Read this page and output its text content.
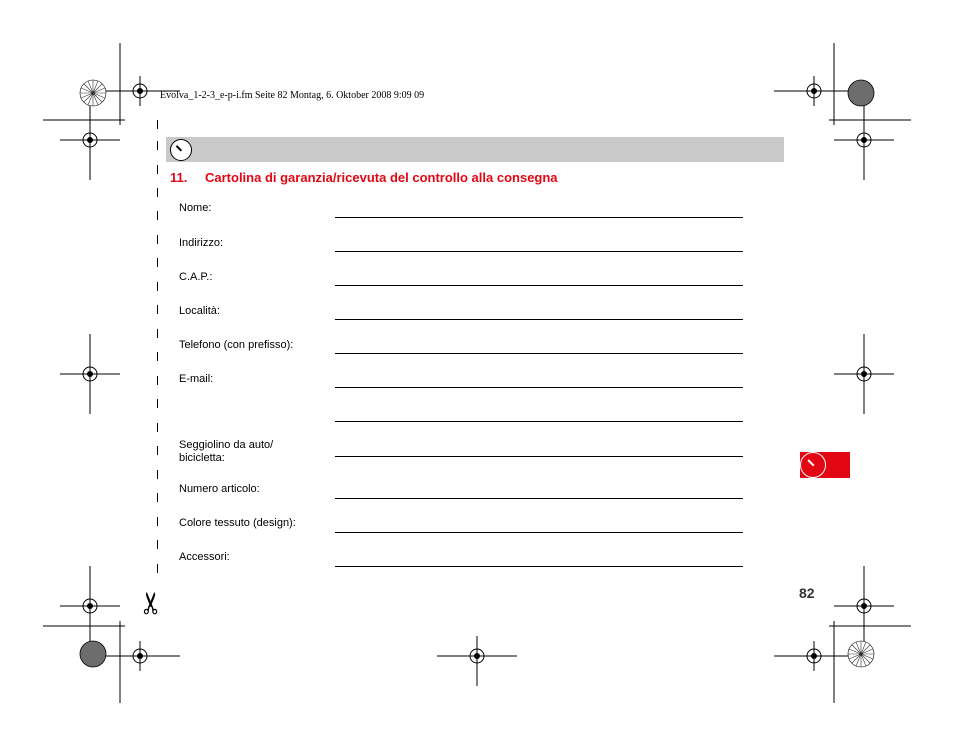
Evolva_1-2-3_e-p-i.fm Seite 82 Montag, 6. Oktober 2008 9:09 09
11. Cartolina di garanzia/ricevuta del controllo alla consegna
✂
Nome:
Indirizzo:
C.A.P.:
Località:
Telefono (con prefisso):
E-mail:
Seggiolino da auto/
bicicletta:
Numero articolo:
Colore tessuto (design):
Accessori:
82
